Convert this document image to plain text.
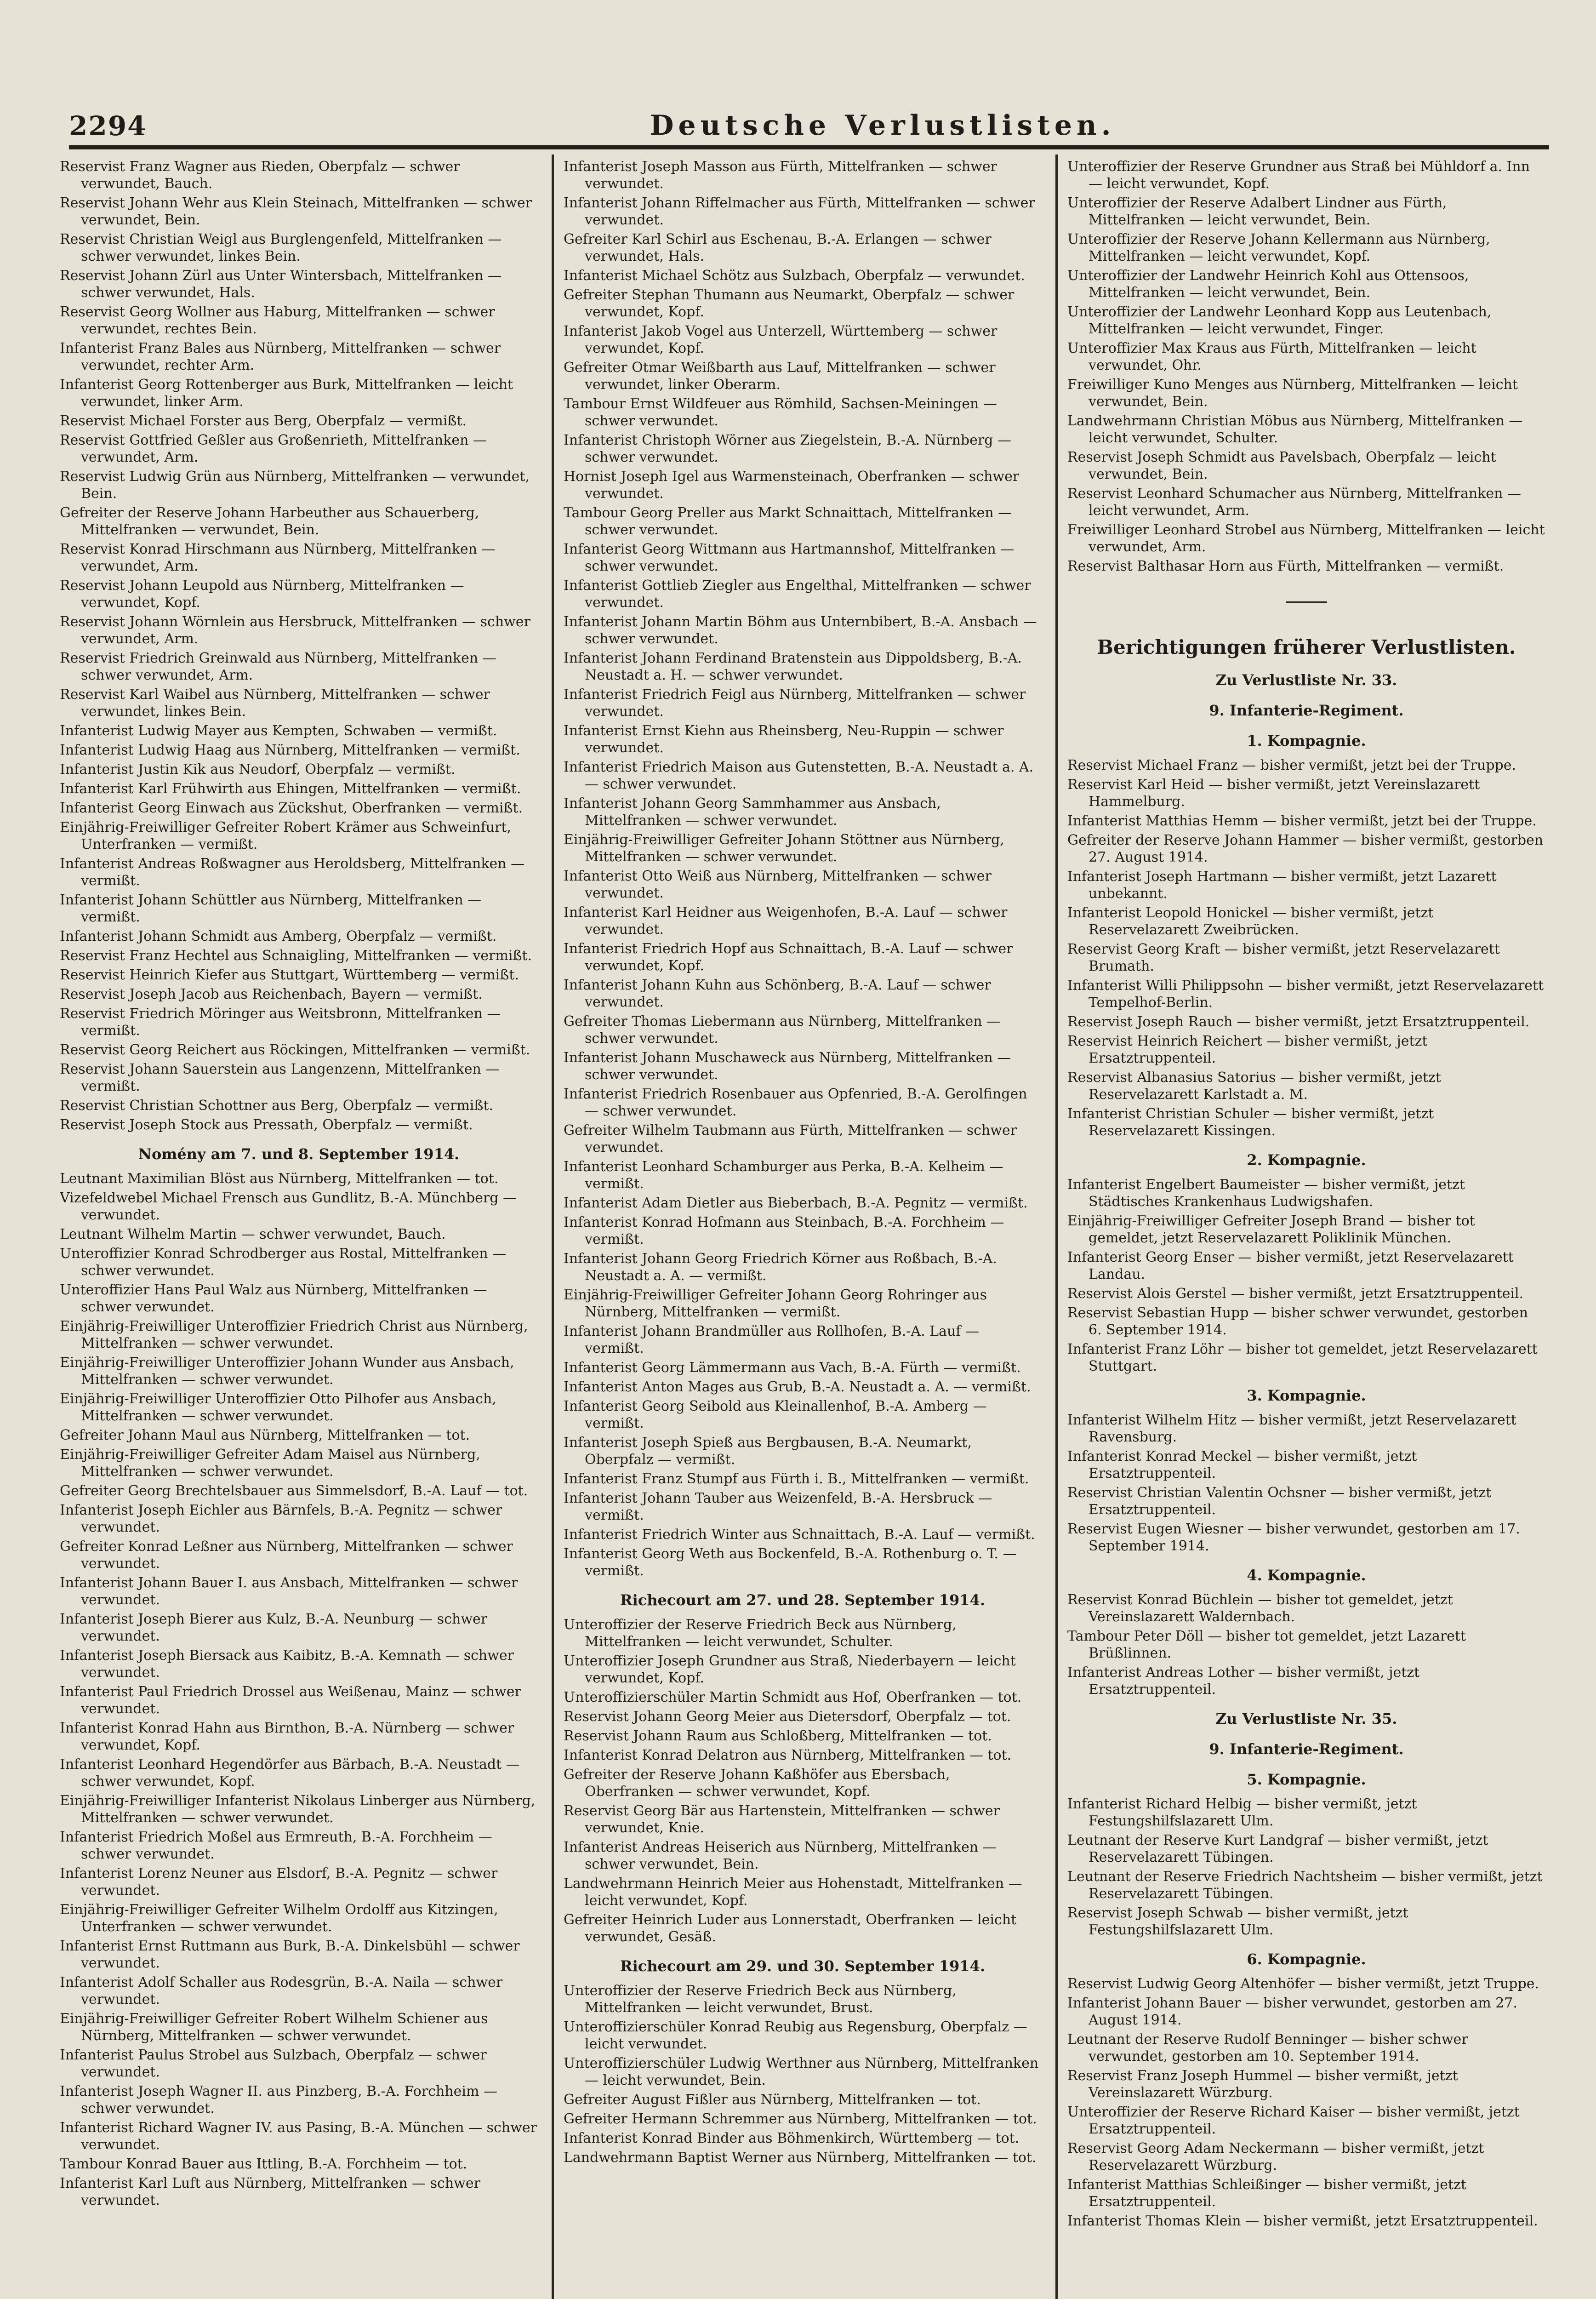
2294	Deutsche Verlustlisten.
Reservist Franz Wagner aus Rieden, Oberpfalz — schwer verwundet, Bauch.
Reservist Johann Wehr aus Klein Steinach, Mittelfranken — schwer verwundet, Bein.
Reservist Christian Weigl aus Burglengenfeld, Mittelfranken — schwer verwundet, linkes Bein.
Reservist Johann Zürl aus Unter Wintersbach, Mittelfranken — schwer verwundet, Hals.
Reservist Georg Wollner aus Haburg, Mittelfranken — schwer verwundet, rechtes Bein.
Infanterist Franz Bales aus Nürnberg, Mittelfranken — schwer verwundet, rechter Arm.
Infanterist Georg Rottenberger aus Burk, Mittelfranken — leicht verwundet, linker Arm.
Reservist Michael Forster aus Berg, Oberpfalz — vermißt.
Reservist Gottfried Geßler aus Großenrieth, Mittelfranken — verwundet, Arm.
Reservist Ludwig Grün aus Nürnberg, Mittelfranken — verwundet, Bein.
Gefreiter der Reserve Johann Harbeuther aus Schauerberg, Mittelfranken — verwundet, Bein.
Reservist Konrad Hirschmann aus Nürnberg, Mittelfranken — verwundet, Arm.
Reservist Johann Leupold aus Nürnberg, Mittelfranken — verwundet, Kopf.
Reservist Johann Wörnlein aus Hersbruck, Mittelfranken — schwer verwundet, Arm.
Reservist Friedrich Greinwald aus Nürnberg, Mittelfranken — schwer verwundet, Arm.
Reservist Karl Waibel aus Nürnberg, Mittelfranken — schwer verwundet, linkes Bein.
Infanterist Ludwig Mayer aus Kempten, Schwaben — vermißt.
Infanterist Ludwig Haag aus Nürnberg, Mittelfranken — vermißt.
Infanterist Justin Kik aus Neudorf, Oberpfalz — vermißt.
Infanterist Karl Frühwirth aus Ehingen, Mittelfranken — vermißt.
Infanterist Georg Einwach aus Zückshut, Oberfranken — vermißt.
Einjährig-Freiwilliger Gefreiter Robert Krämer aus Schweinfurt, Unterfranken — vermißt.
Infanterist Andreas Roßwagner aus Heroldsberg, Mittelfranken — vermißt.
Infanterist Johann Schüttler aus Nürnberg, Mittelfranken — vermißt.
Infanterist Johann Schmidt aus Amberg, Oberpfalz — vermißt.
Reservist Franz Hechtel aus Schnaigling, Mittelfranken — vermißt.
Reservist Heinrich Kiefer aus Stuttgart, Württemberg — vermißt.
Reservist Joseph Jacob aus Reichenbach, Bayern — vermißt.
Reservist Friedrich Möringer aus Weitsbronn, Mittelfranken — vermißt.
Reservist Georg Reichert aus Röckingen, Mittelfranken — vermißt.
Reservist Johann Sauerstein aus Langenzenn, Mittelfranken — vermißt.
Reservist Christian Schottner aus Berg, Oberpfalz — vermißt.
Reservist Joseph Stock aus Pressath, Oberpfalz — vermißt.
Nomény am 7. und 8. September 1914.
Leutnant Maximilian Blöst aus Nürnberg, Mittelfranken — tot.
Vizefeldwebel Michael Frensch aus Gundlitz, B.-A. Münchberg — verwundet.
Leutnant Wilhelm Martin — schwer verwundet, Bauch.
Unteroffizier Konrad Schrodberger aus Rostal, Mittelfranken — schwer verwundet.
Unteroffizier Hans Paul Walz aus Nürnberg, Mittelfranken — schwer verwundet.
Einjährig-Freiwilliger Unteroffizier Friedrich Christ aus Nürnberg, Mittelfranken — schwer verwundet.
Einjährig-Freiwilliger Unteroffizier Johann Wunder aus Ansbach, Mittelfranken — schwer verwundet.
Einjährig-Freiwilliger Unteroffizier Otto Pilhofer aus Ansbach, Mittelfranken — schwer verwundet.
Gefreiter Johann Maul aus Nürnberg, Mittelfranken — tot.
Einjährig-Freiwilliger Gefreiter Adam Maisel aus Nürnberg, Mittelfranken — schwer verwundet.
Gefreiter Georg Brechtelsbauer aus Simmelsdorf, B.-A. Lauf — tot.
Infanterist Joseph Eichler aus Bärnfels, B.-A. Pegnitz — schwer verwundet.
Gefreiter Konrad Leßner aus Nürnberg, Mittelfranken — schwer verwundet.
Infanterist Johann Bauer I. aus Ansbach, Mittelfranken — schwer verwundet.
Infanterist Joseph Bierer aus Kulz, B.-A. Neunburg — schwer verwundet.
Infanterist Joseph Biersack aus Kaibitz, B.-A. Kemnath — schwer verwundet.
Infanterist Paul Friedrich Drossel aus Weißenau, Mainz — schwer verwundet.
Infanterist Konrad Hahn aus Birnthon, B.-A. Nürnberg — schwer verwundet, Kopf.
Infanterist Leonhard Hegendörfer aus Bärbach, B.-A. Neustadt — schwer verwundet, Kopf.
Einjährig-Freiwilliger Infanterist Nikolaus Linberger aus Nürnberg, Mittelfranken — schwer verwundet.
Infanterist Friedrich Moßel aus Ermreuth, B.-A. Forchheim — schwer verwundet.
Infanterist Lorenz Neuner aus Elsdorf, B.-A. Pegnitz — schwer verwundet.
Einjährig-Freiwilliger Gefreiter Wilhelm Ordolff aus Kitzingen, Unterfranken — schwer verwundet.
Infanterist Ernst Ruttmann aus Burk, B.-A. Dinkelsbühl — schwer verwundet.
Infanterist Adolf Schaller aus Rodesgrün, B.-A. Naila — schwer verwundet.
Einjährig-Freiwilliger Gefreiter Robert Wilhelm Schiener aus Nürnberg, Mittelfranken — schwer verwundet.
Infanterist Paulus Strobel aus Sulzbach, Oberpfalz — schwer verwundet.
Infanterist Joseph Wagner II. aus Pinzberg, B.-A. Forchheim — schwer verwundet.
Infanterist Richard Wagner IV. aus Pasing, B.-A. München — schwer verwundet.
Tambour Konrad Bauer aus Ittling, B.-A. Forchheim — tot.
Infanterist Karl Luft aus Nürnberg, Mittelfranken — schwer verwundet.
Infanterist Joseph Masson aus Fürth, Mittelfranken — schwer verwundet.
Infanterist Johann Riffelmacher aus Fürth, Mittelfranken — schwer verwundet.
Gefreiter Karl Schirl aus Eschenau, B.-A. Erlangen — schwer verwundet, Hals.
Infanterist Michael Schötz aus Sulzbach, Oberpfalz — verwundet.
Gefreiter Stephan Thumann aus Neumarkt, Oberpfalz — schwer verwundet, Kopf.
Infanterist Jakob Vogel aus Unterzell, Württemberg — schwer verwundet, Kopf.
Gefreiter Otmar Weißbarth aus Lauf, Mittelfranken — schwer verwundet, linker Oberarm.
Tambour Ernst Wildfeuer aus Römhild, Sachsen-Meiningen — schwer verwundet.
Infanterist Christoph Wörner aus Ziegelstein, B.-A. Nürnberg — schwer verwundet.
Hornist Joseph Igel aus Warmensteinach, Oberfranken — schwer verwundet.
Tambour Georg Preller aus Markt Schnaittach, Mittelfranken — schwer verwundet.
Infanterist Georg Wittmann aus Hartmannshof, Mittelfranken — schwer verwundet.
Infanterist Gottlieb Ziegler aus Engelthal, Mittelfranken — schwer verwundet.
Infanterist Johann Martin Böhm aus Unternbibert, B.-A. Ansbach — schwer verwundet.
Infanterist Johann Ferdinand Bratenstein aus Dippoldsberg, B.-A. Neustadt a. H. — schwer verwundet.
Infanterist Friedrich Feigl aus Nürnberg, Mittelfranken — schwer verwundet.
Infanterist Ernst Kiehn aus Rheinsberg, Neu-Ruppin — schwer verwundet.
Infanterist Friedrich Maison aus Gutenstetten, B.-A. Neustadt a. A. — schwer verwundet.
Infanterist Johann Georg Sammhammer aus Ansbach, Mittelfranken — schwer verwundet.
Einjährig-Freiwilliger Gefreiter Johann Stöttner aus Nürnberg, Mittelfranken — schwer verwundet.
Infanterist Otto Weiß aus Nürnberg, Mittelfranken — schwer verwundet.
Infanterist Karl Heidner aus Weigenhofen, B.-A. Lauf — schwer verwundet.
Infanterist Friedrich Hopf aus Schnaittach, B.-A. Lauf — schwer verwundet, Kopf.
Infanterist Johann Kuhn aus Schönberg, B.-A. Lauf — schwer verwundet.
Gefreiter Thomas Liebermann aus Nürnberg, Mittelfranken — schwer verwundet.
Infanterist Johann Muschaweck aus Nürnberg, Mittelfranken — schwer verwundet.
Infanterist Friedrich Rosenbauer aus Opfenried, B.-A. Gerolfingen — schwer verwundet.
Gefreiter Wilhelm Taubmann aus Fürth, Mittelfranken — schwer verwundet.
Infanterist Leonhard Schamburger aus Perka, B.-A. Kelheim — vermißt.
Infanterist Adam Dietler aus Bieberbach, B.-A. Pegnitz — vermißt.
Infanterist Konrad Hofmann aus Steinbach, B.-A. Forchheim — vermißt.
Infanterist Johann Georg Friedrich Körner aus Roßbach, B.-A. Neustadt a. A. — vermißt.
Einjährig-Freiwilliger Gefreiter Johann Georg Rohringer aus Nürnberg, Mittelfranken — vermißt.
Infanterist Johann Brandmüller aus Rollhofen, B.-A. Lauf — vermißt.
Infanterist Georg Lämmermann aus Vach, B.-A. Fürth — vermißt.
Infanterist Anton Mages aus Grub, B.-A. Neustadt a. A. — vermißt.
Infanterist Georg Seibold aus Kleinallenhof, B.-A. Amberg — vermißt.
Infanterist Joseph Spieß aus Bergbausen, B.-A. Neumarkt, Oberpfalz — vermißt.
Infanterist Franz Stumpf aus Fürth i. B., Mittelfranken — vermißt.
Infanterist Johann Tauber aus Weizenfeld, B.-A. Hersbruck — vermißt.
Infanterist Friedrich Winter aus Schnaittach, B.-A. Lauf — vermißt.
Infanterist Georg Weth aus Bockenfeld, B.-A. Rothenburg o. T. — vermißt.
Richecourt am 27. und 28. September 1914.
Unteroffizier der Reserve Friedrich Beck aus Nürnberg, Mittelfranken — leicht verwundet, Schulter.
Unteroffizier Joseph Grundner aus Straß, Niederbayern — leicht verwundet, Kopf.
Unteroffizierschüler Martin Schmidt aus Hof, Oberfranken — tot.
Reservist Johann Georg Meier aus Dietersdorf, Oberpfalz — tot.
Reservist Johann Raum aus Schloßberg, Mittelfranken — tot.
Infanterist Konrad Delatron aus Nürnberg, Mittelfranken — tot.
Gefreiter der Reserve Johann Kaßhöfer aus Ebersbach, Oberfranken — schwer verwundet, Kopf.
Reservist Georg Bär aus Hartenstein, Mittelfranken — schwer verwundet, Knie.
Infanterist Andreas Heiserich aus Nürnberg, Mittelfranken — schwer verwundet, Bein.
Landwehrmann Heinrich Meier aus Hohenstadt, Mittelfranken — leicht verwundet, Kopf.
Gefreiter Heinrich Luder aus Lonnerstadt, Oberfranken — leicht verwundet, Gesäß.
Richecourt am 29. und 30. September 1914.
Unteroffizier der Reserve Friedrich Beck aus Nürnberg, Mittelfranken — leicht verwundet, Brust.
Unteroffizierschüler Konrad Reubig aus Regensburg, Oberpfalz — leicht verwundet.
Unteroffizierschüler Ludwig Werthner aus Nürnberg, Mittelfranken — leicht verwundet, Bein.
Gefreiter August Fißler aus Nürnberg, Mittelfranken — tot.
Gefreiter Hermann Schremmer aus Nürnberg, Mittelfranken — tot.
Infanterist Konrad Binder aus Böhmenkirch, Württemberg — tot.
Landwehrmann Baptist Werner aus Nürnberg, Mittelfranken — tot.
Unteroffizier der Reserve Grundner aus Straß bei Mühldorf a. Inn — leicht verwundet, Kopf.
Unteroffizier der Reserve Adalbert Lindner aus Fürth, Mittelfranken — leicht verwundet, Bein.
Unteroffizier der Reserve Johann Kellermann aus Nürnberg, Mittelfranken — leicht verwundet, Kopf.
Unteroffizier der Landwehr Heinrich Kohl aus Ottensoos, Mittelfranken — leicht verwundet, Bein.
Unteroffizier der Landwehr Leonhard Kopp aus Leutenbach, Mittelfranken — leicht verwundet, Finger.
Unteroffizier Max Kraus aus Fürth, Mittelfranken — leicht verwundet, Ohr.
Freiwilliger Kuno Menges aus Nürnberg, Mittelfranken — leicht verwundet, Bein.
Landwehrmann Christian Möbus aus Nürnberg, Mittelfranken — leicht verwundet, Schulter.
Reservist Joseph Schmidt aus Pavelsbach, Oberpfalz — leicht verwundet, Bein.
Reservist Leonhard Schumacher aus Nürnberg, Mittelfranken — leicht verwundet, Arm.
Freiwilliger Leonhard Strobel aus Nürnberg, Mittelfranken — leicht verwundet, Arm.
Reservist Balthasar Horn aus Fürth, Mittelfranken — vermißt.
Berichtigungen früherer Verlustlisten.
Zu Verlustliste Nr. 33.
9. Infanterie-Regiment.
1. Kompagnie.
Reservist Michael Franz — bisher vermißt, jetzt bei der Truppe.
Reservist Karl Heid — bisher vermißt, jetzt Vereinslazarett Hammelburg.
Infanterist Matthias Hemm — bisher vermißt, jetzt bei der Truppe.
Gefreiter der Reserve Johann Hammer — bisher vermißt, gestorben 27. August 1914.
Infanterist Joseph Hartmann — bisher vermißt, jetzt Lazarett unbekannt.
Infanterist Leopold Honickel — bisher vermißt, jetzt Reservelazarett Zweibrücken.
Reservist Georg Kraft — bisher vermißt, jetzt Reservelazarett Brumath.
Infanterist Willi Philippsohn — bisher vermißt, jetzt Reservelazarett Tempelhof-Berlin.
Reservist Joseph Rauch — bisher vermißt, jetzt Ersatztruppenteil.
Reservist Heinrich Reichert — bisher vermißt, jetzt Ersatztruppenteil.
Reservist Albanasius Satorius — bisher vermißt, jetzt Reservelazarett Karlstadt a. M.
Infanterist Christian Schuler — bisher vermißt, jetzt Reservelazarett Kissingen.
2. Kompagnie.
Infanterist Engelbert Baumeister — bisher vermißt, jetzt Städtisches Krankenhaus Ludwigshafen.
Einjährig-Freiwilliger Gefreiter Joseph Brand — bisher tot gemeldet, jetzt Reservelazarett Poliklinik München.
Infanterist Georg Enser — bisher vermißt, jetzt Reservelazarett Landau.
Reservist Alois Gerstel — bisher vermißt, jetzt Ersatztruppenteil.
Reservist Sebastian Hupp — bisher schwer verwundet, gestorben 6. September 1914.
Infanterist Franz Löhr — bisher tot gemeldet, jetzt Reservelazarett Stuttgart.
3. Kompagnie.
Infanterist Wilhelm Hitz — bisher vermißt, jetzt Reservelazarett Ravensburg.
Infanterist Konrad Meckel — bisher vermißt, jetzt Ersatztruppenteil.
Reservist Christian Valentin Ochsner — bisher vermißt, jetzt Ersatztruppenteil.
Reservist Eugen Wiesner — bisher verwundet, gestorben am 17. September 1914.
4. Kompagnie.
Reservist Konrad Büchlein — bisher tot gemeldet, jetzt Vereinslazarett Waldernbach.
Tambour Peter Döll — bisher tot gemeldet, jetzt Lazarett Brüßlinnen.
Infanterist Andreas Lother — bisher vermißt, jetzt Ersatztruppenteil.
Zu Verlustliste Nr. 35.
9. Infanterie-Regiment.
5. Kompagnie.
Infanterist Richard Helbig — bisher vermißt, jetzt Festungshilfslazarett Ulm.
Leutnant der Reserve Kurt Landgraf — bisher vermißt, jetzt Reservelazarett Tübingen.
Leutnant der Reserve Friedrich Nachtsheim — bisher vermißt, jetzt Reservelazarett Tübingen.
Reservist Joseph Schwab — bisher vermißt, jetzt Festungshilfslazarett Ulm.
6. Kompagnie.
Reservist Ludwig Georg Altenhöfer — bisher vermißt, jetzt Truppe.
Infanterist Johann Bauer — bisher verwundet, gestorben am 27. August 1914.
Leutnant der Reserve Rudolf Benninger — bisher schwer verwundet, gestorben am 10. September 1914.
Reservist Franz Joseph Hummel — bisher vermißt, jetzt Vereinslazarett Würzburg.
Unteroffizier der Reserve Richard Kaiser — bisher vermißt, jetzt Ersatztruppenteil.
Reservist Georg Adam Neckermann — bisher vermißt, jetzt Reservelazarett Würzburg.
Infanterist Matthias Schleißinger — bisher vermißt, jetzt Ersatztruppenteil.
Infanterist Thomas Klein — bisher vermißt, jetzt Ersatztruppenteil.
